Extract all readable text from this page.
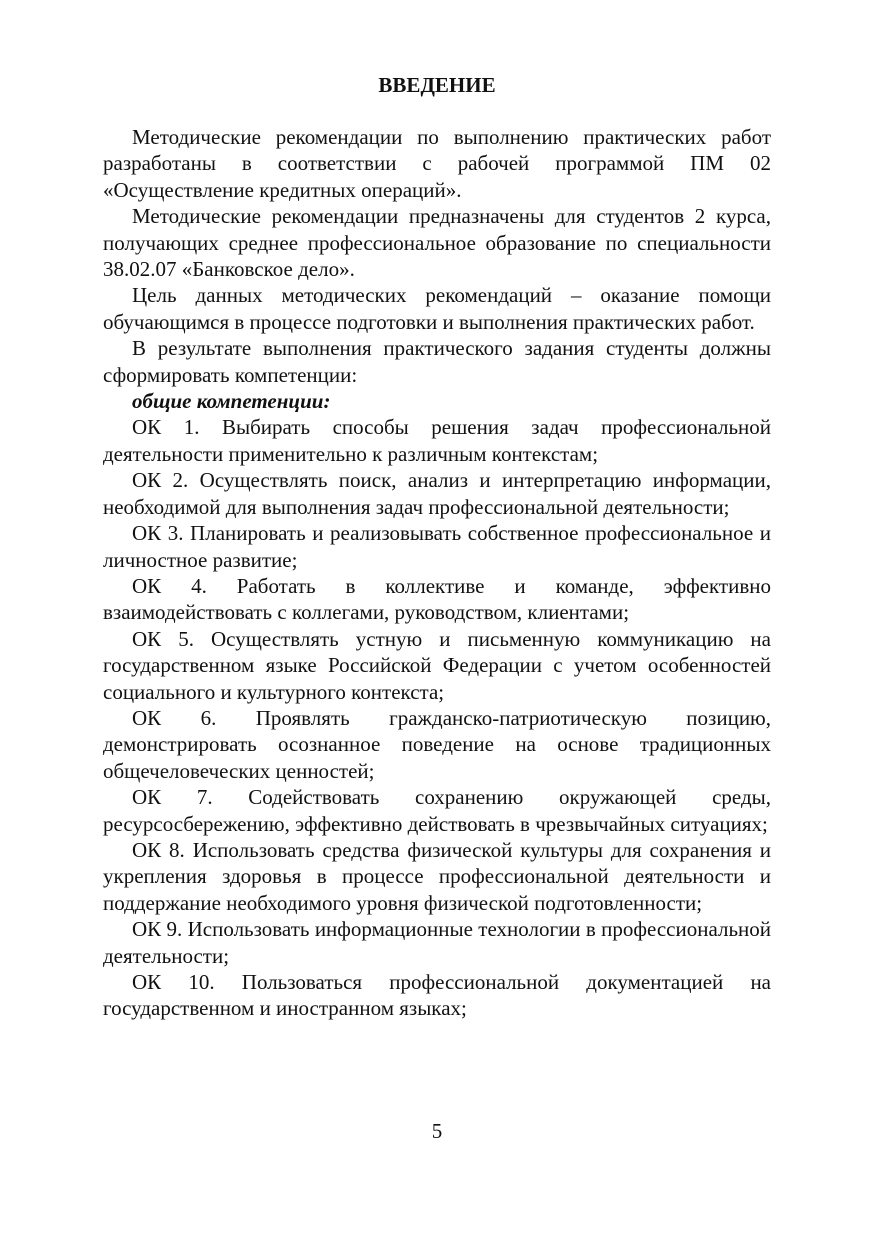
ВВЕДЕНИЕ

Методические рекомендации по выполнению практических работ разработаны в соответствии с рабочей программой ПМ 02 «Осуществление кредитных операций».

Методические рекомендации предназначены для студентов 2 курса, получающих среднее профессиональное образование по специальности 38.02.07 «Банковское дело».

Цель данных методических рекомендаций – оказание помощи обучающимся в процессе подготовки и выполнения практических работ.

В результате выполнения практического задания студенты должны сформировать компетенции:

общие компетенции:

ОК 1. Выбирать способы решения задач профессиональной деятельности применительно к различным контекстам;

ОК 2. Осуществлять поиск, анализ и интерпретацию информации, необходимой для выполнения задач профессиональной деятельности;

ОК 3. Планировать и реализовывать собственное профессиональное и личностное развитие;

ОК 4. Работать в коллективе и команде, эффективно взаимодействовать с коллегами, руководством, клиентами;

ОК 5. Осуществлять устную и письменную коммуникацию на государственном языке Российской Федерации с учетом особенностей социального и культурного контекста;

ОК 6. Проявлять гражданско-патриотическую позицию, демонстрировать осознанное поведение на основе традиционных общечеловеческих ценностей;

ОК 7. Содействовать сохранению окружающей среды, ресурсосбережению, эффективно действовать в чрезвычайных ситуациях;

ОК 8. Использовать средства физической культуры для сохранения и укрепления здоровья в процессе профессиональной деятельности и поддержание необходимого уровня физической подготовленности;

ОК 9. Использовать информационные технологии в профессиональной деятельности;

ОК 10. Пользоваться профессиональной документацией на государственном и иностранном языках;

5
